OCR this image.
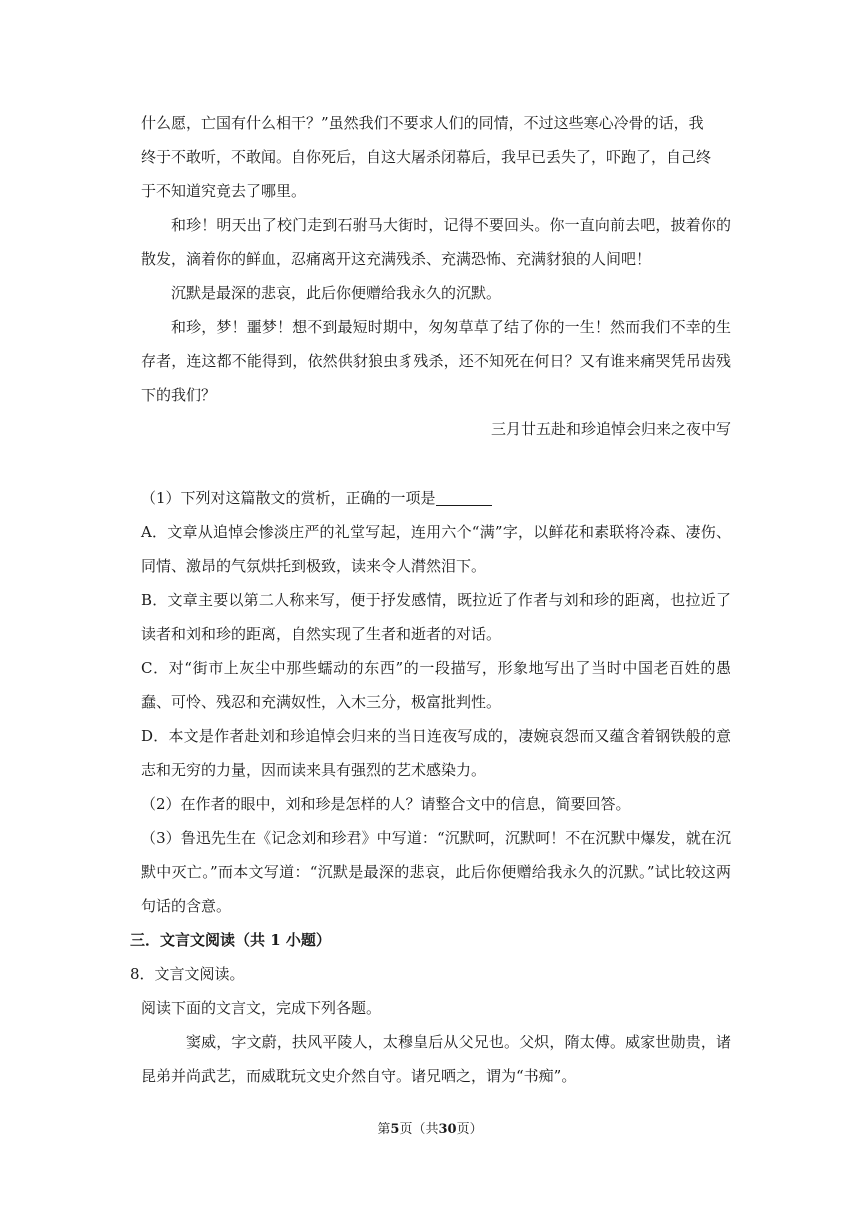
什么愿，亡国有什么相干？”虽然我们不要求人们的同情，不过这些寒心冷骨的话，我

终于不敢听，不敢闻。自你死后，自这大屠杀闭幕后，我早已丢失了，吓跑了，自己终

于不知道究竟去了哪里。

和珍！明天出了校门走到石驸马大街时，记得不要回头。你一直向前去吧，披着你的散发，滴着你的鲜血，忍痛离开这充满残杀、充满恐怖、充满豺狼的人间吧！

沉默是最深的悲哀，此后你便赠给我永久的沉默。

和珍，梦！噩梦！想不到最短时期中，匆匆草草了结了你的一生！然而我们不幸的生存者，连这都不能得到，依然供豺狼虫豸残杀，还不知死在何日？又有谁来痛哭凭吊齿残下的我们？

三月廿五赴和珍追悼会归来之夜中写

（1）下列对这篇散文的赏析，正确的一项是

A．文章从追悼会惨淡庄严的礼堂写起，连用六个“满”字，以鲜花和素联将冷森、凄伤、同情、激昂的气氛烘托到极致，读来令人潸然泪下。

B．文章主要以第二人称来写，便于抒发感情，既拉近了作者与刘和珍的距离，也拉近了读者和刘和珍的距离，自然实现了生者和逝者的对话。

C．对“街市上灰尘中那些蠕动的东西”的一段描写，形象地写出了当时中国老百姓的愚蠢、可怜、残忍和充满奴性，入木三分，极富批判性。

D．本文是作者赴刘和珍追悼会归来的当日连夜写成的，凄婉哀怨而又蕴含着钢铁般的意志和无穷的力量，因而读来具有强烈的艺术感染力。

（2）在作者的眼中，刘和珍是怎样的人？请整合文中的信息，简要回答。

（3）鲁迅先生在《记念刘和珍君》中写道：“沉默呵，沉默呵！不在沉默中爆发，就在沉默中灭亡。”而本文写道：“沉默是最深的悲哀，此后你便赠给我永久的沉默。”试比较这两句话的含意。

三．文言文阅读（共 1 小题）

8．文言文阅读。

阅读下面的文言文，完成下列各题。

窦威，字文蔚，扶风平陵人，太穆皇后从父兄也。父炽，隋太傅。威家世勋贵，诸昆弟并尚武艺，而威耽玩文史介然自守。诸兄哂之，谓为“书痴”。

第5页（共30页）
